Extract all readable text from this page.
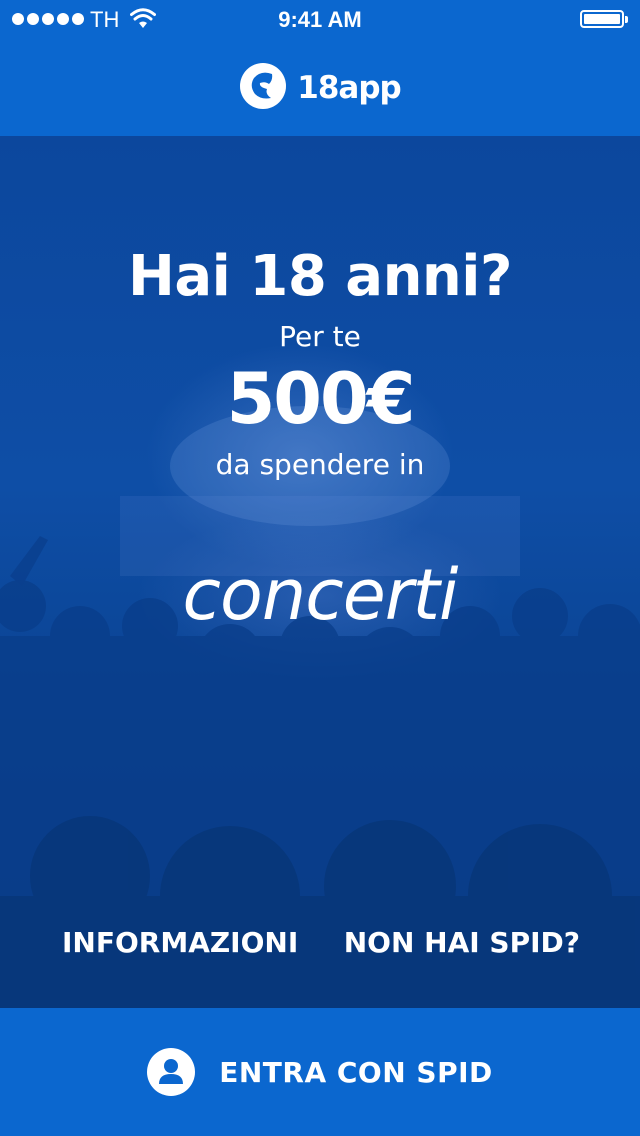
TH	9:41 AM
18app
Hai 18 anni?
Per te
500€
da spendere in
concerti
INFORMAZIONI NON HAI SPID?
ENTRA CON SPID
